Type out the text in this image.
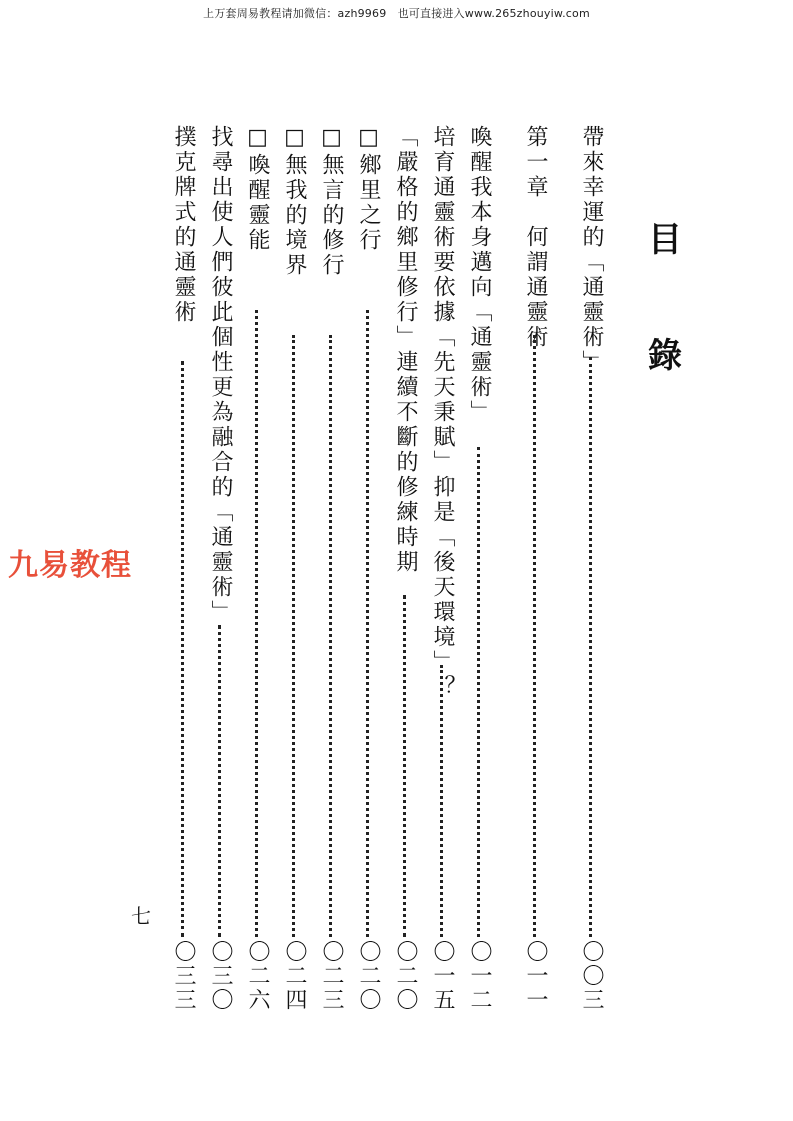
上万套周易教程请加微信：azh9969　也可直接进入www.265zhouyiw.com
九易教程
目
錄
帶來幸運的「通靈術」
〇〇三
第一章　何謂通靈術
〇一一
喚醒我本身邁向「通靈術」
〇一二
培育通靈術要依據「先天秉賦」抑是「後天環境」？
〇一五
「嚴格的鄉里修行」連續不斷的修練時期
〇二〇
□鄉里之行
〇二〇
□無言的修行
〇二三
□無我的境界
〇二四
□喚醒靈能
〇二六
找尋出使人們彼此個性更為融合的「通靈術」
〇三〇
撲克牌式的通靈術
〇三三
七
